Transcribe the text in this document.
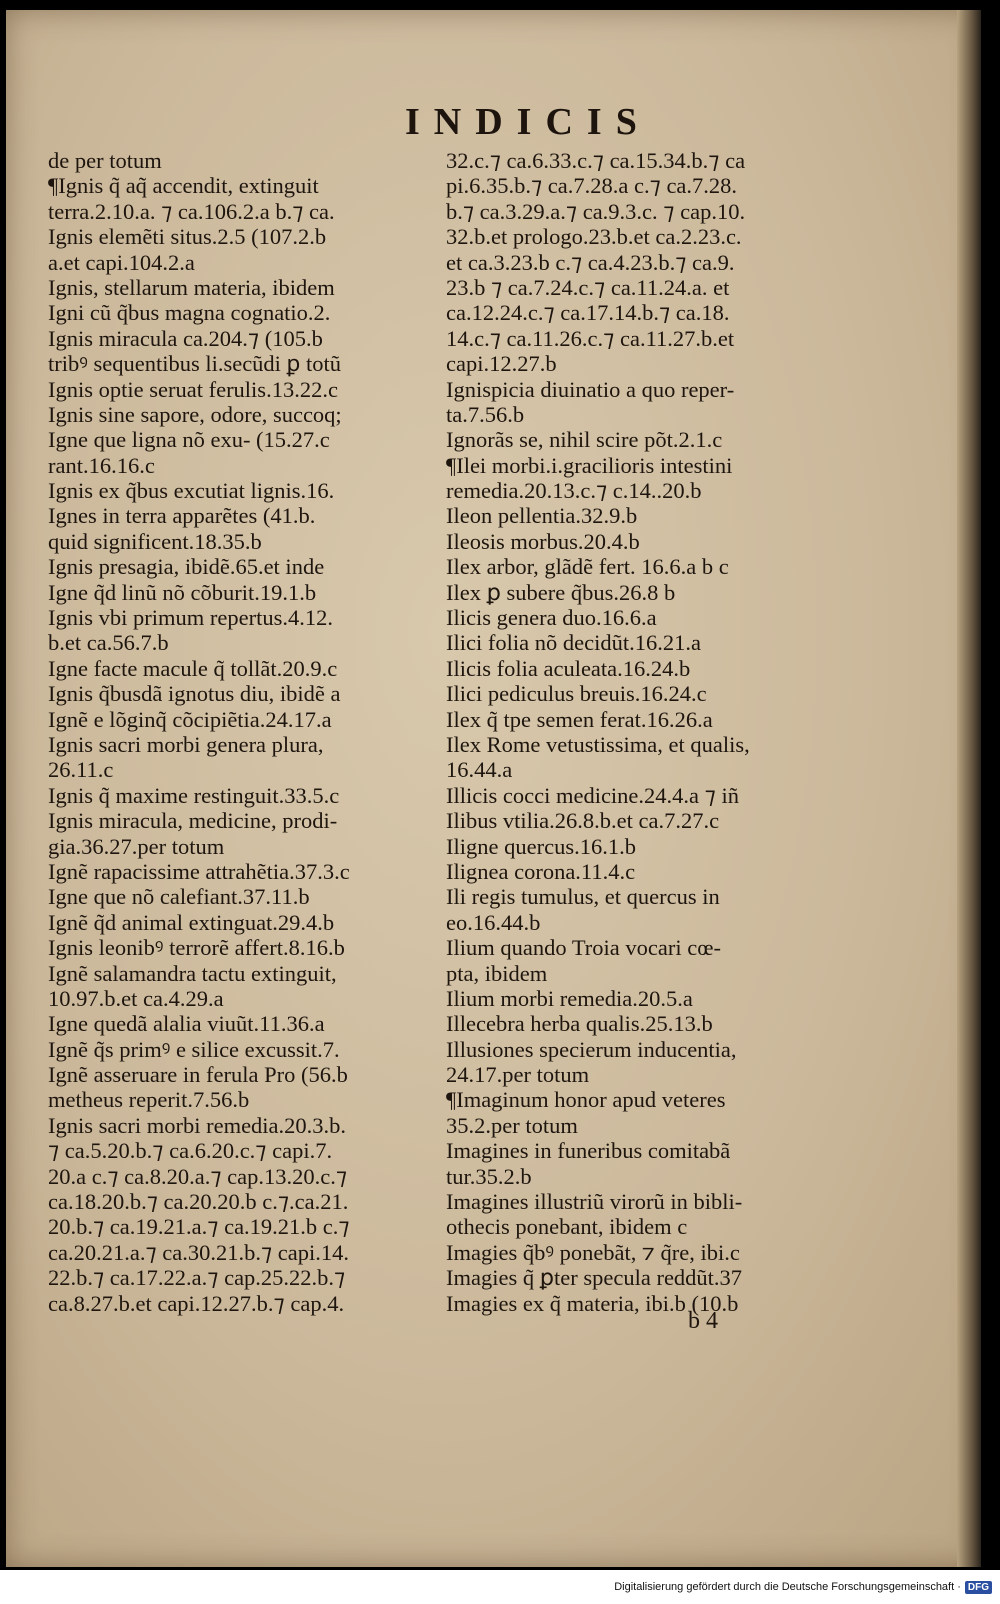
INDICIS
de per totum
¶Ignis q̃ aq̃ accendit, extinguit
terra.2.10.a. ⁊ ca.106.2.a b.⁊ ca.
Ignis elemẽti situs.2.5 (107.2.b
a.et capi.104.2.a
Ignis, stellarum materia, ibidem
Igni cũ q̃bus magna cognatio.2.
Ignis miracula ca.204.⁊ (105.b
tribꝰ sequentibus li.secũdi ꝑ totũ
Ignis optie seruat ferulis.13.22.c
Ignis sine sapore, odore, succoq;
Igne que ligna nõ exu- (15.27.c
rant.16.16.c
Ignis ex q̃bus excutiat lignis.16.
Ignes in terra apparẽtes (41.b.
quid significent.18.35.b
Ignis presagia, ibidẽ.65.et inde
Igne q̃d linũ nõ cõburit.19.1.b
Ignis vbi primum repertus.4.12.
b.et ca.56.7.b
Igne facte macule q̃ tollãt.20.9.c
Ignis q̃busdã ignotus diu, ibidẽ a
Ignẽ e lõginq̃ cõcipiẽtia.24.17.a
Ignis sacri morbi genera plura,
26.11.c
Ignis q̃ maxime restinguit.33.5.c
Ignis miracula, medicine, prodi-
gia.36.27.per totum
Ignẽ rapacissime attrahẽtia.37.3.c
Igne que nõ calefiant.37.11.b
Ignẽ q̃d animal extinguat.29.4.b
Ignis leonibꝰ terrorẽ affert.8.16.b
Ignẽ salamandra tactu extinguit,
10.97.b.et ca.4.29.a
Igne quedã alalia viuũt.11.36.a
Ignẽ q̃s primꝰ e silice excussit.7.
Ignẽ asseruare in ferula Pro (56.b
metheus reperit.7.56.b
Ignis sacri morbi remedia.20.3.b.
⁊ ca.5.20.b.⁊ ca.6.20.c.⁊ capi.7.
20.a c.⁊ ca.8.20.a.⁊ cap.13.20.c.⁊
ca.18.20.b.⁊ ca.20.20.b c.⁊.ca.21.
20.b.⁊ ca.19.21.a.⁊ ca.19.21.b c.⁊
ca.20.21.a.⁊ ca.30.21.b.⁊ capi.14.
22.b.⁊ ca.17.22.a.⁊ cap.25.22.b.⁊
ca.8.27.b.et capi.12.27.b.⁊ cap.4.
32.c.⁊ ca.6.33.c.⁊ ca.15.34.b.⁊ ca
pi.6.35.b.⁊ ca.7.28.a c.⁊ ca.7.28.
b.⁊ ca.3.29.a.⁊ ca.9.3.c. ⁊ cap.10.
32.b.et prologo.23.b.et ca.2.23.c.
et ca.3.23.b c.⁊ ca.4.23.b.⁊ ca.9.
23.b ⁊ ca.7.24.c.⁊ ca.11.24.a. et
ca.12.24.c.⁊ ca.17.14.b.⁊ ca.18.
14.c.⁊ ca.11.26.c.⁊ ca.11.27.b.et
capi.12.27.b
Ignispicia diuinatio a quo reper-
ta.7.56.b
Ignorãs se, nihil scire põt.2.1.c
¶Ilei morbi.i.gracilioris intestini
remedia.20.13.c.⁊ c.14..20.b
Ileon pellentia.32.9.b
Ileosis morbus.20.4.b
Ilex arbor, glãdẽ fert. 16.6.a b c
Ilex ꝑ subere q̃bus.26.8 b
Ilicis genera duo.16.6.a
Ilici folia nõ decidũt.16.21.a
Ilicis folia aculeata.16.24.b
Ilici pediculus breuis.16.24.c
Ilex q̃ tpe semen ferat.16.26.a
Ilex Rome vetustissima, et qualis,
16.44.a
Illicis cocci medicine.24.4.a ⁊ iñ
Ilibus vtilia.26.8.b.et ca.7.27.c
Iligne quercus.16.1.b
Ilignea corona.11.4.c
Ili regis tumulus, et quercus in
eo.16.44.b
Ilium quando Troia vocari cœ-
pta, ibidem
Ilium morbi remedia.20.5.a
Illecebra herba qualis.25.13.b
Illusiones specierum inducentia,
24.17.per totum
¶Imaginum honor apud veteres
35.2.per totum
Imagines in funeribus comitabã
tur.35.2.b
Imagines illustriũ virorũ in bibli-
othecis ponebant, ibidem c
Imagies q̃bꝰ ponebãt, ⁊ q̃re, ibi.c
Imagies q̃ ꝑter specula reddũt.37
Imagies ex q̃ materia, ibi.b (10.b
b 4
Digitalisierung gefördert durch die Deutsche Forschungsgemeinschaft · DFG
